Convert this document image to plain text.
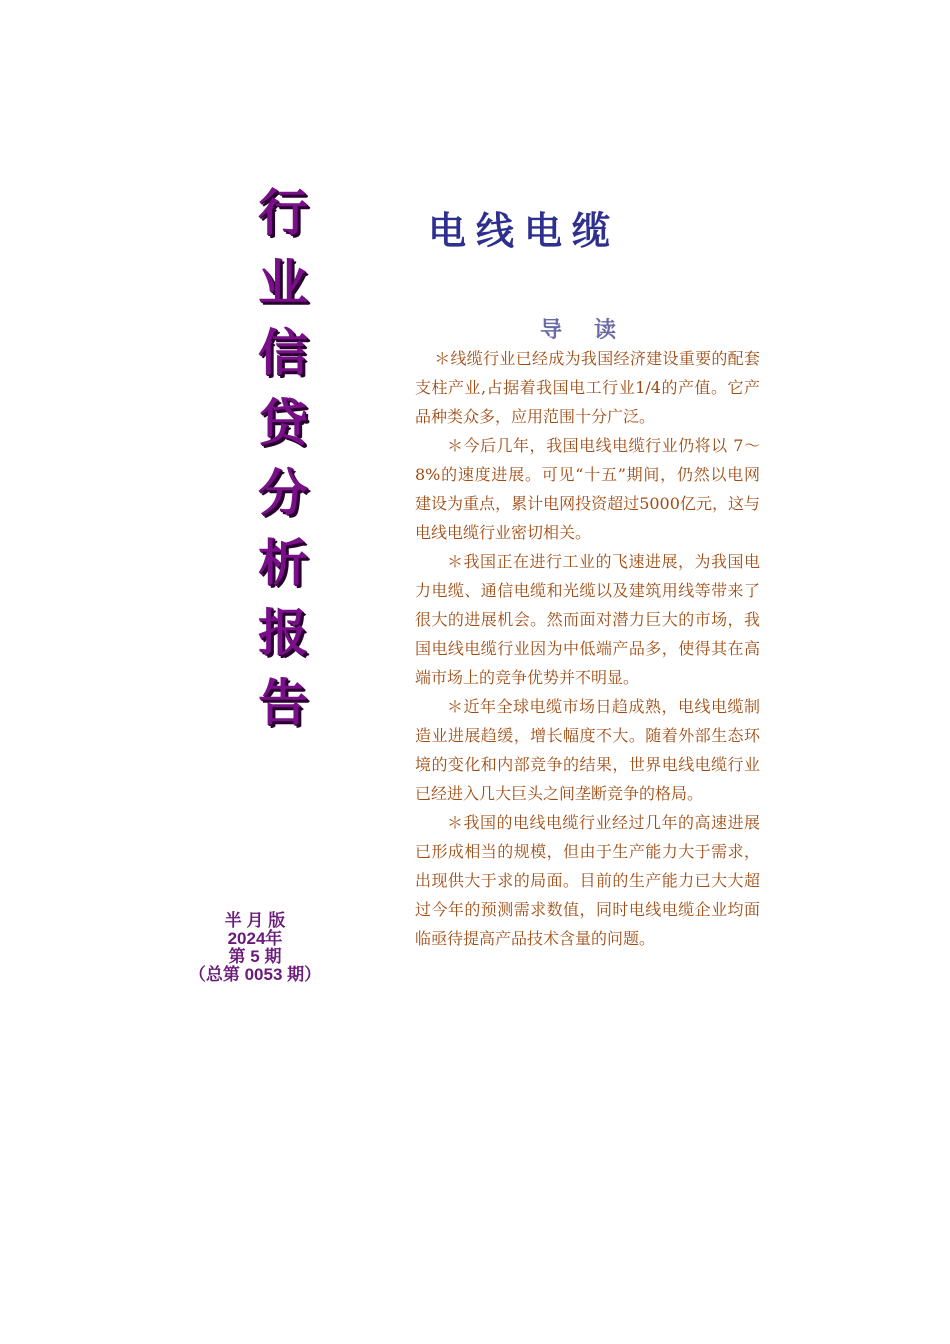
行
业
信
贷
分
析
报
告
半 月 版
2024年
第 5 期
（总第 0053 期）
电线电缆
导读

＊线缆行业已经成为我国经济建设重要的配套支柱产业,占据着我国电工行业1/4的产值。它产品种类众多，应用范围十分广泛。

＊今后几年，我国电线电缆行业仍将以 7～8%的速度进展。可见“十五”期间，仍然以电网建设为重点，累计电网投资超过5000亿元，这与电线电缆行业密切相关。

＊我国正在进行工业的飞速进展，为我国电力电缆、通信电缆和光缆以及建筑用线等带来了很大的进展机会。然而面对潜力巨大的市场，我国电线电缆行业因为中低端产品多，使得其在高端市场上的竞争优势并不明显。

＊近年全球电缆市场日趋成熟，电线电缆制造业进展趋缓，增长幅度不大。随着外部生态环境的变化和内部竞争的结果，世界电线电缆行业已经进入几大巨头之间垄断竞争的格局。

＊我国的电线电缆行业经过几年的高速进展已形成相当的规模，但由于生产能力大于需求，出现供大于求的局面。目前的生产能力已大大超过今年的预测需求数值，同时电线电缆企业均面临亟待提高产品技术含量的问题。
